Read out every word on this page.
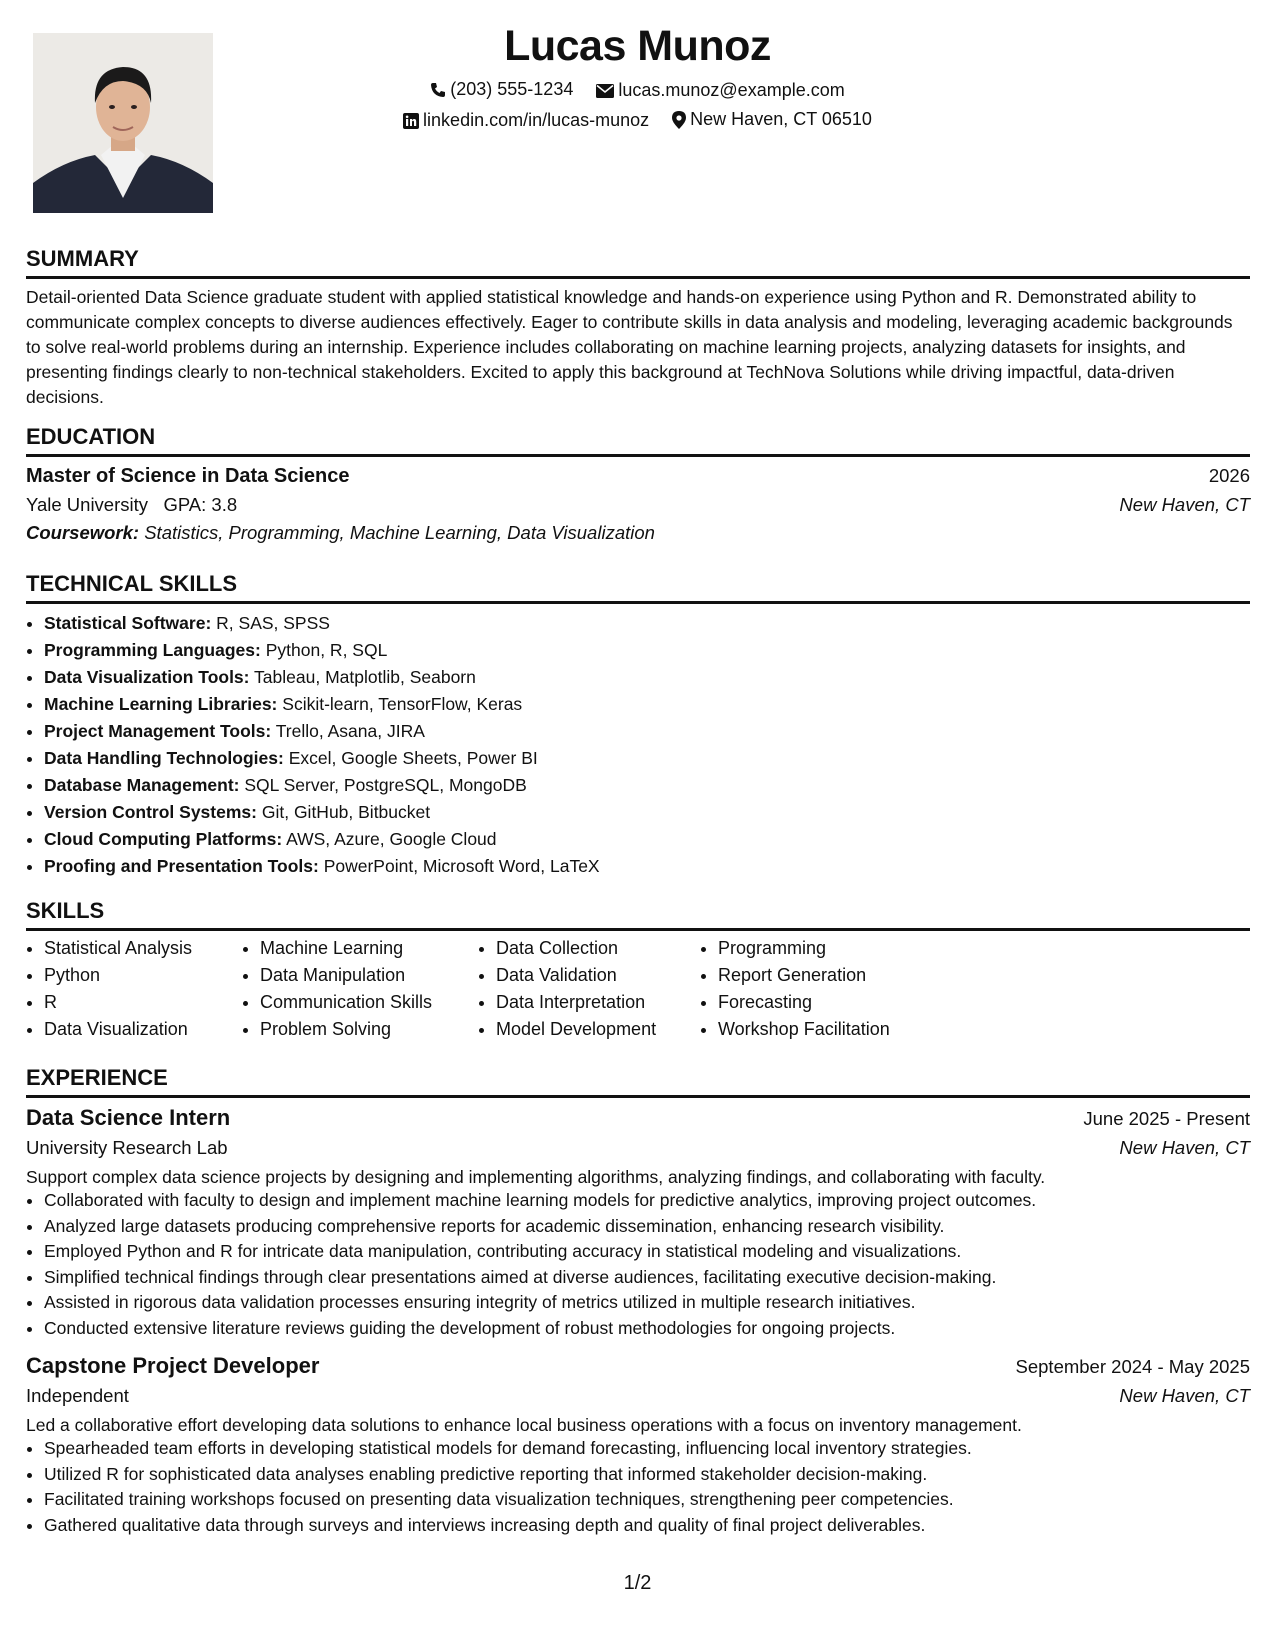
Lucas Munoz
(203) 555-1234
	lucas.munoz@example.com
linkedin.com/in/lucas-munoz
New Haven, CT 06510
SUMMARY

Detail-oriented Data Science graduate student with applied statistical knowledge and hands-on experience using Python and R. Demonstrated ability to communicate complex concepts to diverse audiences effectively. Eager to contribute skills in data analysis and modeling, leveraging academic backgrounds to solve real-world problems during an internship. Experience includes collaborating on machine learning projects, analyzing datasets for insights, and presenting findings clearly to non-technical stakeholders. Excited to apply this background at TechNova Solutions while driving impactful, data-driven decisions.

EDUCATION
Master of Science in Data Science	2026
Yale University GPA: 3.8	New Haven, CT
Coursework: Statistics, Programming, Machine Learning, Data Visualization
TECHNICAL SKILLS
• Statistical Software: R, SAS, SPSS
• Programming Languages: Python, R, SQL
• Data Visualization Tools: Tableau, Matplotlib, Seaborn
• Machine Learning Libraries: Scikit-learn, TensorFlow, Keras
• Project Management Tools: Trello, Asana, JIRA
• Data Handling Technologies: Excel, Google Sheets, Power BI
• Database Management: SQL Server, PostgreSQL, MongoDB
• Version Control Systems: Git, GitHub, Bitbucket
• Cloud Computing Platforms: AWS, Azure, Google Cloud
• Proofing and Presentation Tools: PowerPoint, Microsoft Word, LaTeX
SKILLS
• Statistical Analysis
• Python
• R
• Data Visualization
• Machine Learning
• Data Manipulation
• Communication Skills
• Problem Solving
• Data Collection
• Data Validation
• Data Interpretation
• Model Development
• Programming
• Report Generation
• Forecasting
• Workshop Facilitation
EXPERIENCE
Data Science Intern	June 2025 - Present
University Research Lab	New Haven, CT

Support complex data science projects by designing and implementing algorithms, analyzing findings, and collaborating with faculty.

• Collaborated with faculty to design and implement machine learning models for predictive analytics, improving project outcomes.
• Analyzed large datasets producing comprehensive reports for academic dissemination, enhancing research visibility.
• Employed Python and R for intricate data manipulation, contributing accuracy in statistical modeling and visualizations.
• Simplified technical findings through clear presentations aimed at diverse audiences, facilitating executive decision-making.
• Assisted in rigorous data validation processes ensuring integrity of metrics utilized in multiple research initiatives.
• Conducted extensive literature reviews guiding the development of robust methodologies for ongoing projects.
Capstone Project Developer	September 2024 - May 2025
Independent	New Haven, CT

Led a collaborative effort developing data solutions to enhance local business operations with a focus on inventory management.

• Spearheaded team efforts in developing statistical models for demand forecasting, influencing local inventory strategies.
• Utilized R for sophisticated data analyses enabling predictive reporting that informed stakeholder decision-making.
• Facilitated training workshops focused on presenting data visualization techniques, strengthening peer competencies.
• Gathered qualitative data through surveys and interviews increasing depth and quality of final project deliverables.
1/2
